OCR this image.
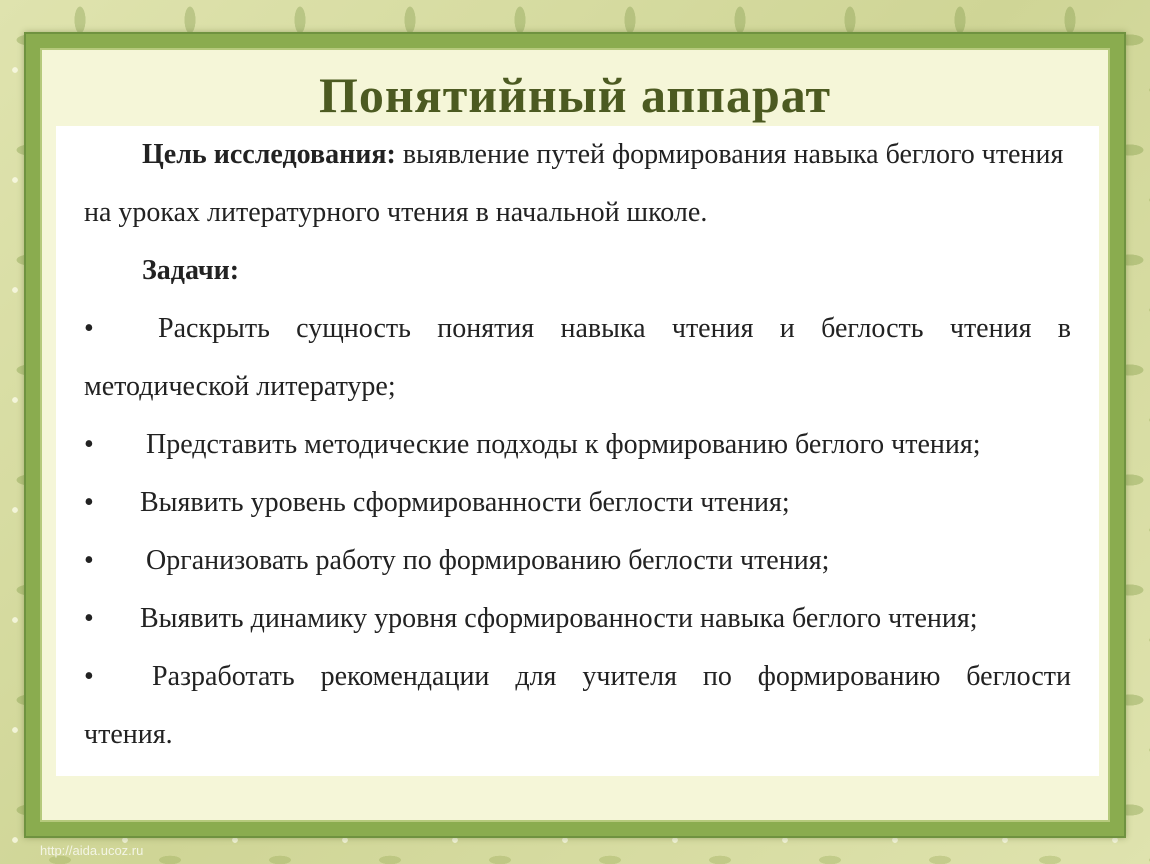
Понятийный аппарат

Цель исследования: выявление путей формирования навыка беглого чтения на уроках литературного чтения в начальной школе.

Задачи:

•	Раскрыть сущность понятия навыка чтения и беглость чтения в

методической литературе;

•	Представить методические подходы к формированию беглого чтения;
•	Выявить уровень сформированности беглости чтения;
•	Организовать работу по формированию беглости чтения;
•	Выявить динамику уровня сформированности навыка беглого чтения;
•	Разработать рекомендации для учителя по формированию беглости

чтения.

http://aida.ucoz.ru
